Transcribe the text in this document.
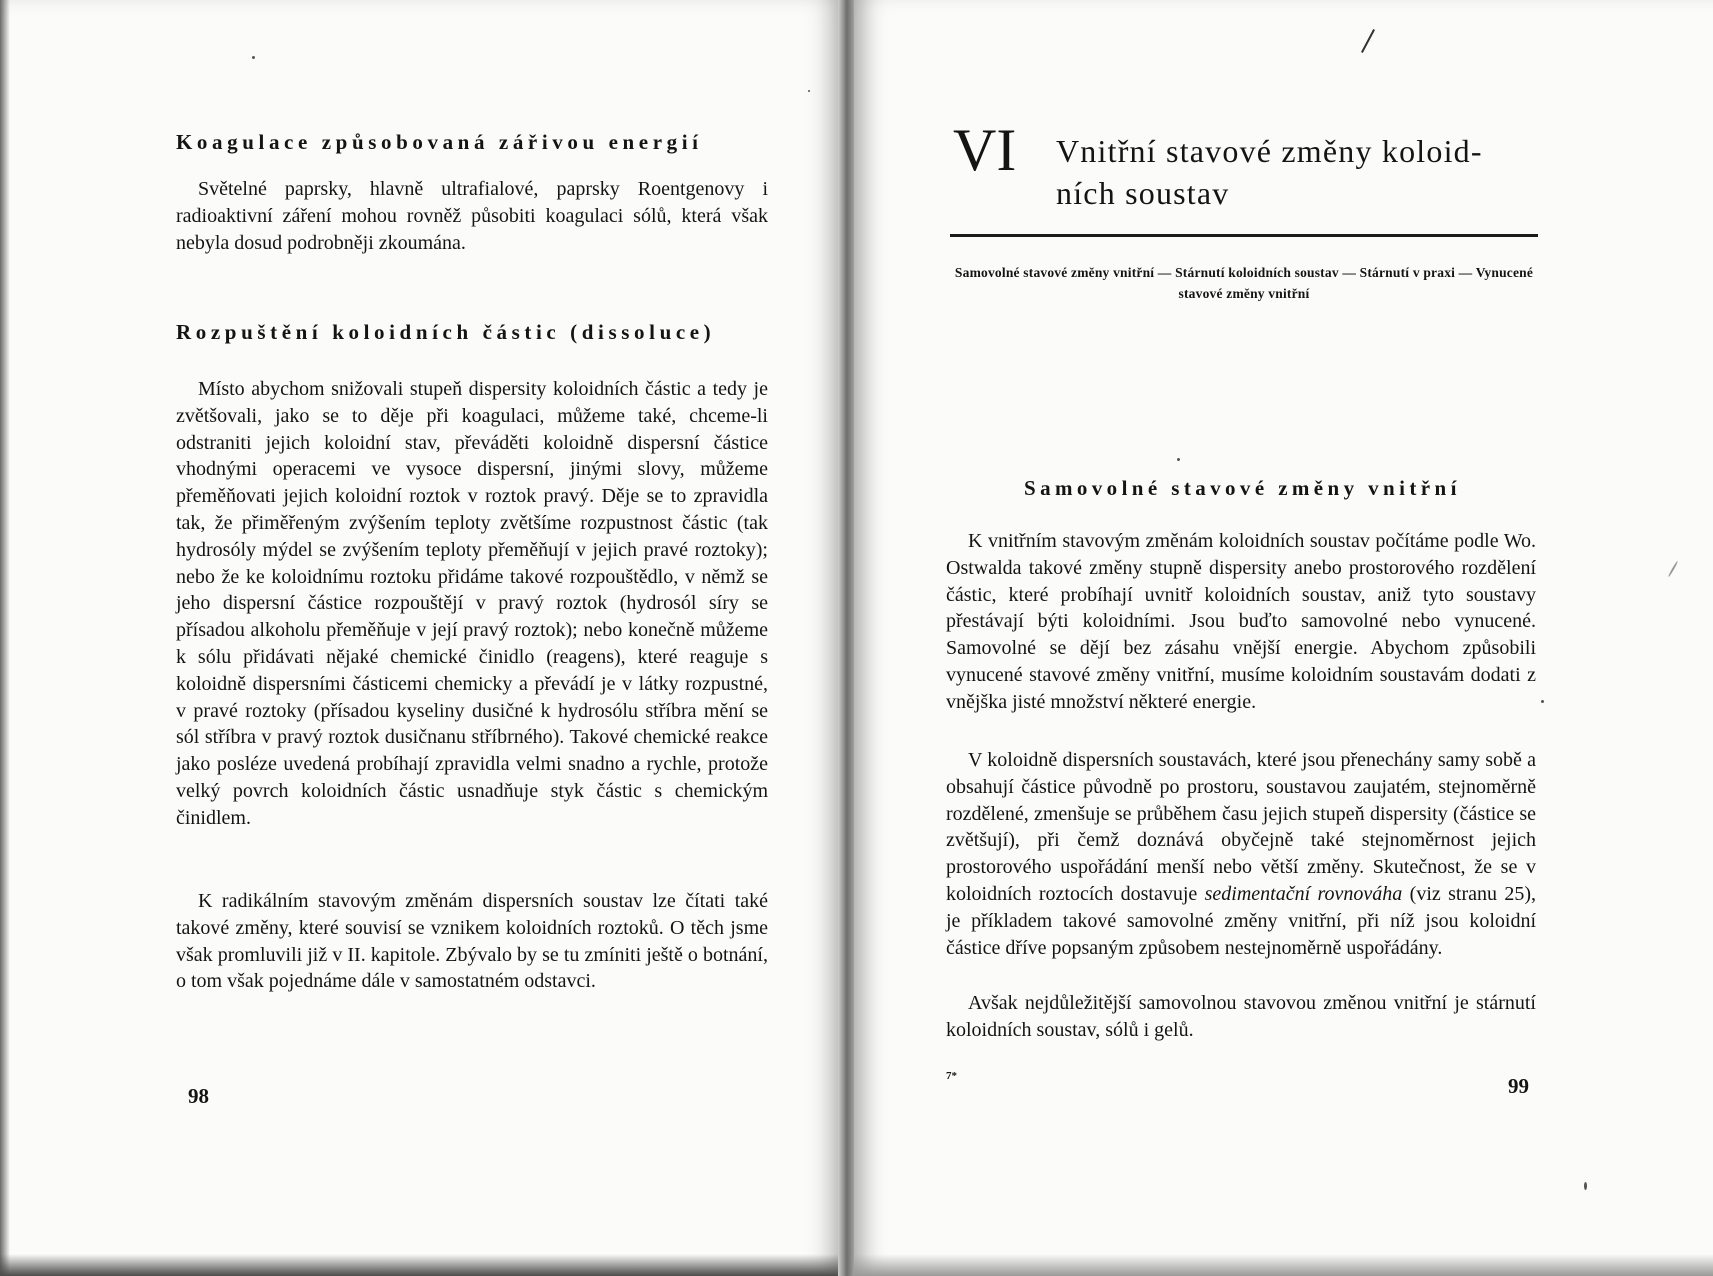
Koagulace způsobovaná zářivou energií

Světelné paprsky, hlavně ultrafialové, paprsky Roentgenovy i radioaktivní záření mohou rovněž působiti koagulaci sólů, která však nebyla dosud podrobněji zkoumána.

Rozpuštění koloidních částic (dissoluce)

Místo abychom snižovali stupeň dispersity koloidních částic a tedy je zvětšovali, jako se to děje při koagulaci, můžeme také, chceme-li odstraniti jejich koloidní stav, převáděti koloidně dispersní částice vhodnými operacemi ve vysoce dispersní, jinými slovy, můžeme přeměňovati jejich koloidní roztok v roztok pravý. Děje se to zpravidla tak, že přiměřeným zvýšením teploty zvětšíme rozpustnost částic (tak hydrosóly mýdel se zvýšením teploty přeměňují v jejich pravé roztoky); nebo že ke koloidnímu roztoku přidáme takové rozpouštědlo, v němž se jeho dispersní částice rozpouštějí v pravý roztok (hydrosól síry se přísadou alkoholu přeměňuje v její pravý roztok); nebo konečně můžeme k sólu přidávati nějaké chemické činidlo (reagens), které reaguje s koloidně dispersními částicemi chemicky a převádí je v látky rozpustné, v pravé roztoky (přísadou kyseliny dusičné k hydrosólu stříbra mění se sól stříbra v pravý roztok dusičnanu stříbrného). Takové chemické reakce jako posléze uvedená probíhají zpravidla velmi snadno a rychle, protože velký povrch koloidních částic usnadňuje styk částic s chemickým činidlem.

K radikálním stavovým změnám dispersních soustav lze čítati také takové změny, které souvisí se vznikem koloidních roztoků. O těch jsme však promluvili již v II. kapitole. Zbývalo by se tu zmíniti ještě o botnání, o tom však pojednáme dále v samostatném odstavci.

98
VI Vnitřní stavové změny koloid-
ních soustav
Samovolné stavové změny vnitřní — Stárnutí koloidních soustav — Stárnutí v praxi — Vynucené stavové změny vnitřní
Samovolné stavové změny vnitřní

K vnitřním stavovým změnám koloidních soustav počítáme podle Wo. Ostwalda takové změny stupně dispersity anebo prostorového rozdělení částic, které probíhají uvnitř koloidních soustav, aniž tyto soustavy přestávají býti koloidními. Jsou buďto samovolné nebo vynucené. Samovolné se dějí bez zásahu vnější energie. Abychom způsobili vynucené stavové změny vnitřní, musíme koloidním soustavám dodati z vnějška jisté množství některé energie.

V koloidně dispersních soustavách, které jsou přenechány samy sobě a obsahují částice původně po prostoru, soustavou zaujatém, stejnoměrně rozdělené, zmenšuje se průběhem času jejich stupeň dispersity (částice se zvětšují), při čemž doznává obyčejně také stejnoměrnost jejich prostorového uspořádání menší nebo větší změny. Skutečnost, že se v koloidních roztocích dostavuje sedimentační rovnováha (viz stranu 25), je příkladem takové samovolné změny vnitřní, při níž jsou koloidní částice dříve popsaným způsobem nestejnoměrně uspořádány.

Avšak nejdůležitější samovolnou stavovou změnou vnitřní je stárnutí koloidních soustav, sólů i gelů.

7*	99
